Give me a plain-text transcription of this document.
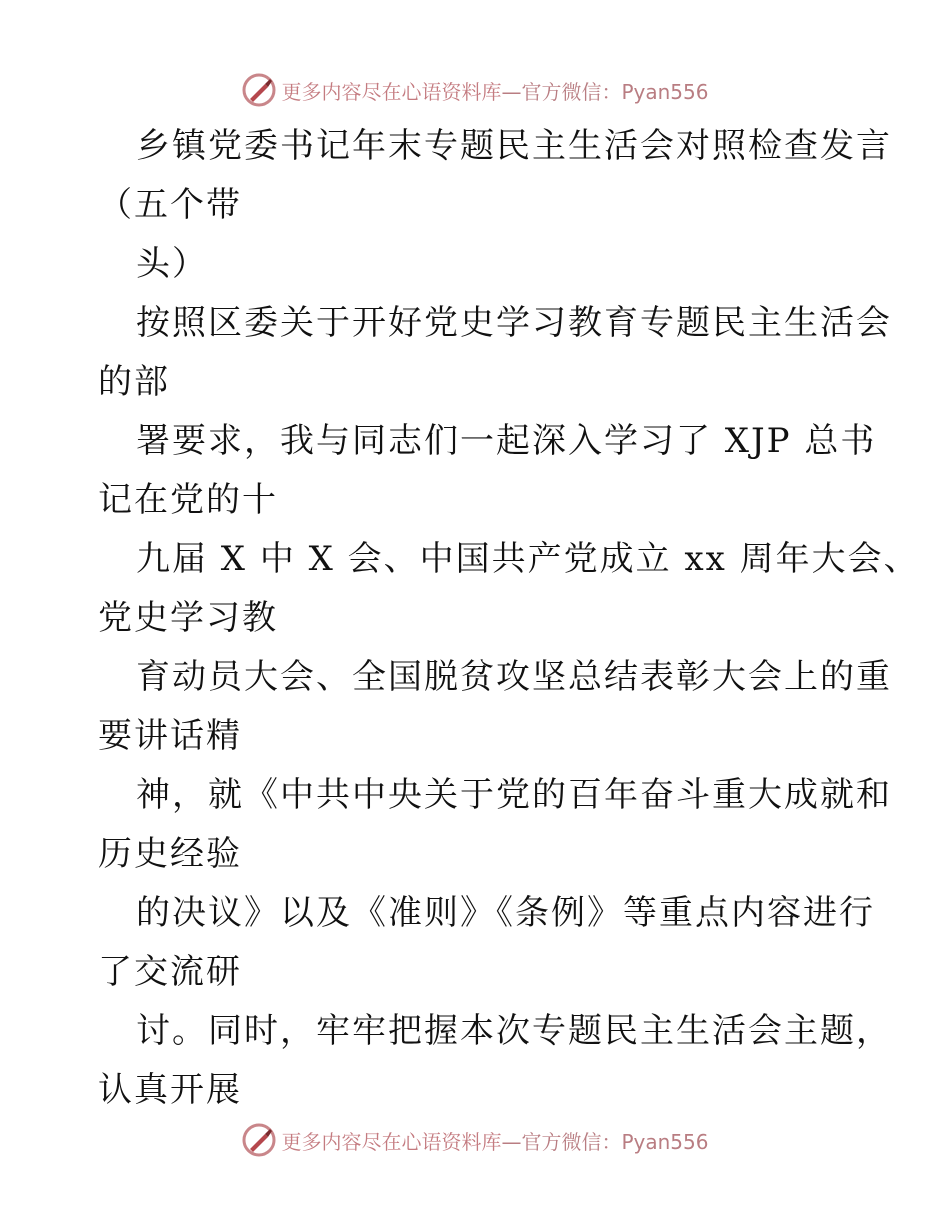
更多内容尽在心语资料库 —官方微信：Pyan556
乡镇党委书记年末专题民主生活会对照检查发言
（五个带
头）
按照区委关于开好党史学习教育专题民主生活会
的部
署要求，我与同志们一起深入学习了 XJP 总书
记在党的十
九届 X 中 X 会、中国共产党成立 xx 周年大会、
党史学习教
育动员大会、全国脱贫攻坚总结表彰大会上的重
要讲话精
神，就《中共中央关于党的百年奋斗重大成就和
历史经验
的决议》以及《准则》《条例》等重点内容进行
了交流研
讨。同时，牢牢把握本次专题民主生活会主题，
认真开展
更多内容尽在心语资料库 —官方微信：Pyan556
